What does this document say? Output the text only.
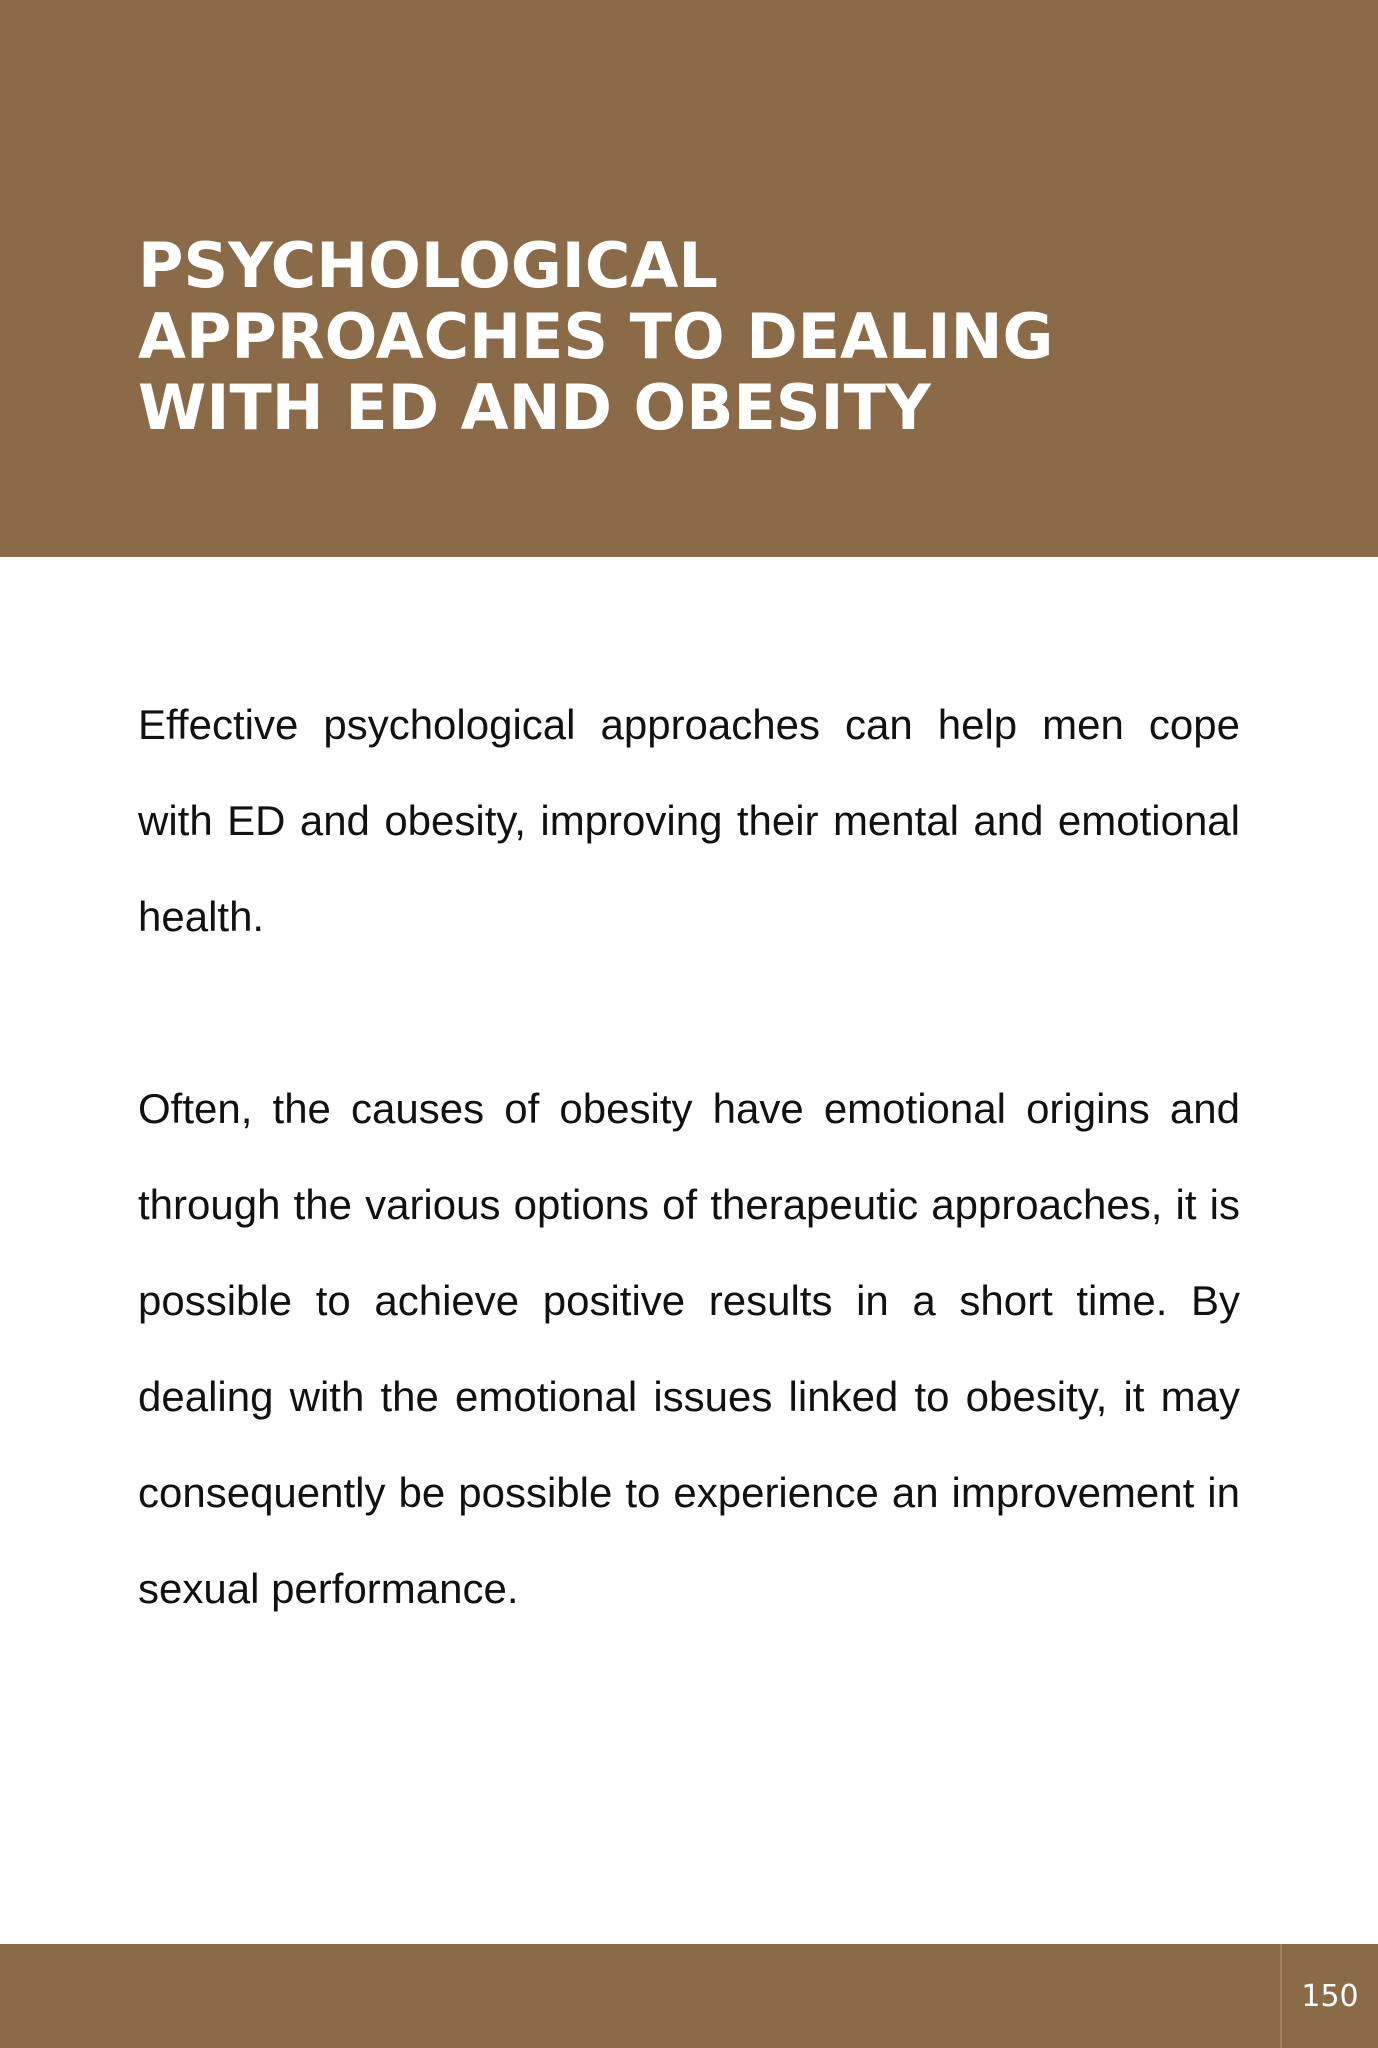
PSYCHOLOGICAL
APPROACHES TO DEALING
WITH ED AND OBESITY

Effective psychological approaches can help men cope with ED and obesity, improving their mental and emotional health.

Often, the causes of obesity have emotional origins and through the various options of therapeutic approaches, it is possible to achieve positive results in a short time. By dealing with the emotional issues linked to obesity, it may consequently be possible to experience an improvement in sexual performance.

150
